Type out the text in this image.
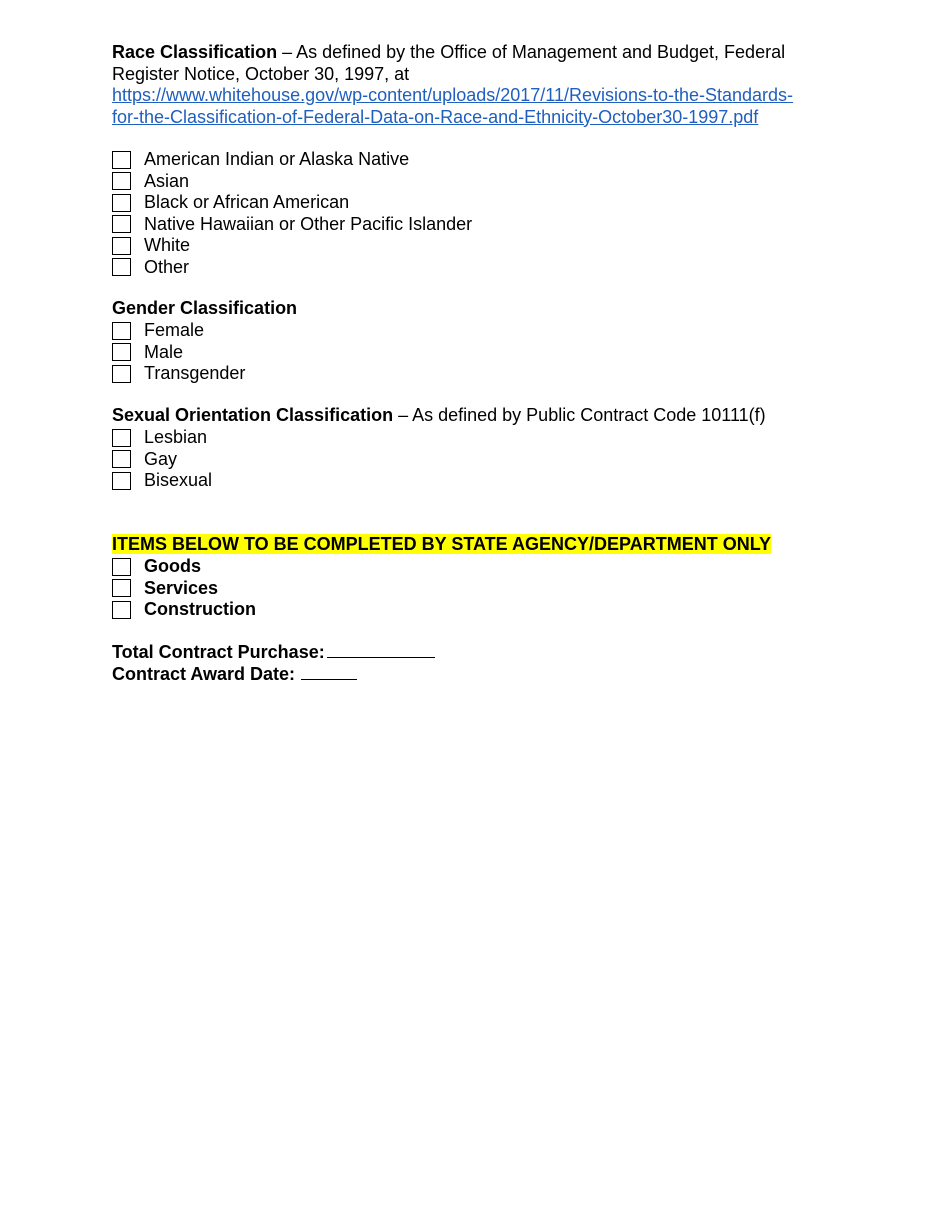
Race Classification – As defined by the Office of Management and Budget, Federal Register Notice, October 30, 1997, at
https://www.whitehouse.gov/wp-content/uploads/2017/11/Revisions-to-the-Standards-
for-the-Classification-of-Federal-Data-on-Race-and-Ethnicity-October30-1997.pdf
American Indian or Alaska Native
Asian
Black or African American
Native Hawaiian or Other Pacific Islander
White
Other
Gender Classification
Female
Male
Transgender
Sexual Orientation Classification – As defined by Public Contract Code 10111(f)
Lesbian
Gay
Bisexual
ITEMS BELOW TO BE COMPLETED BY STATE AGENCY/DEPARTMENT ONLY
Goods
Services
Construction
Total Contract Purchase:
Contract Award Date:
